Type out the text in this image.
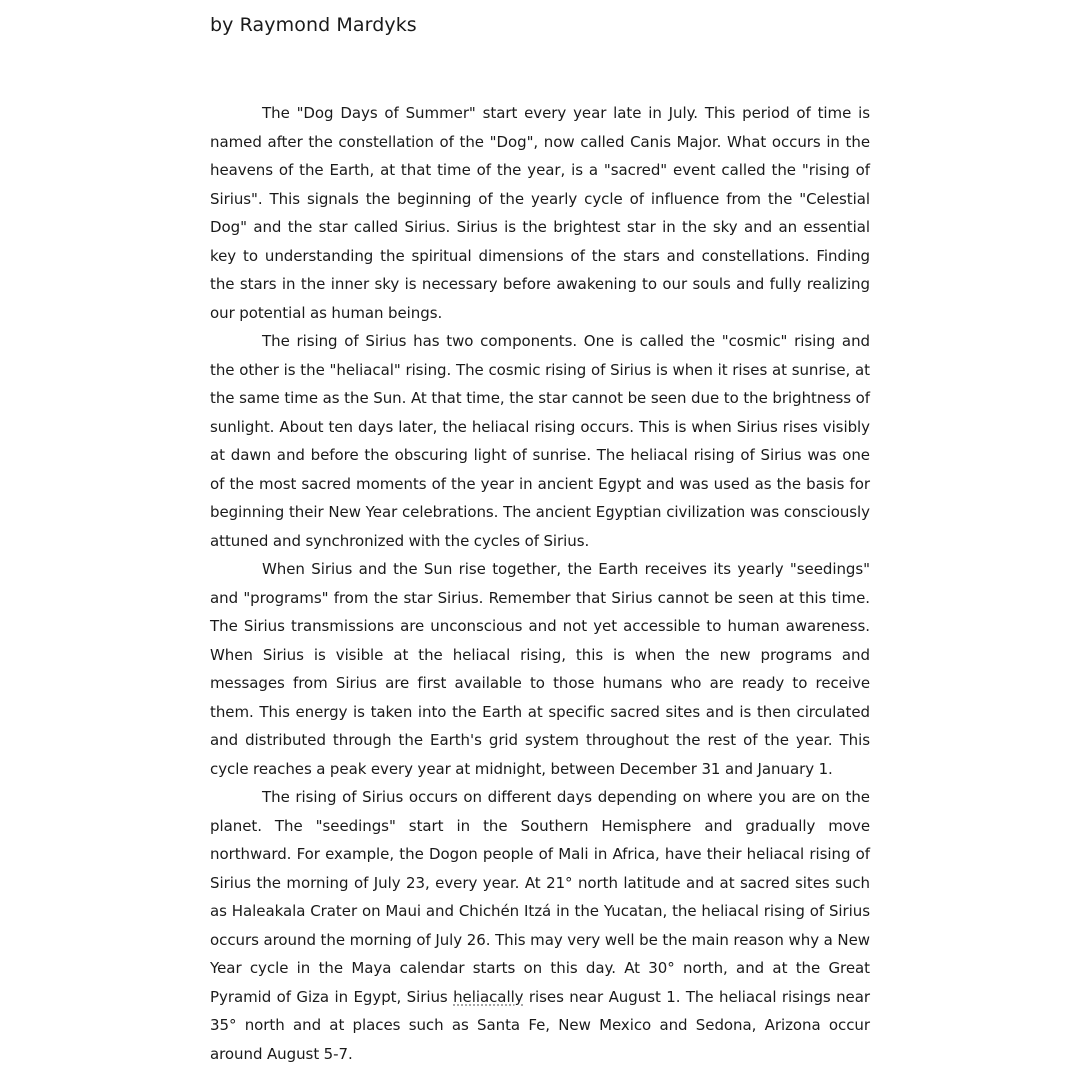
by Raymond Mardyks

The "Dog Days of Summer" start every year late in July. This period of time is named after the constellation of the "Dog", now called Canis Major. What occurs in the heavens of the Earth, at that time of the year, is a "sacred" event called the "rising of Sirius". This signals the beginning of the yearly cycle of influence from the "Celestial Dog" and the star called Sirius. Sirius is the brightest star in the sky and an essential key to understanding the spiritual dimensions of the stars and constellations. Finding the stars in the inner sky is necessary before awakening to our souls and fully realizing our potential as human beings.

The rising of Sirius has two components. One is called the "cosmic" rising and the other is the "heliacal" rising. The cosmic rising of Sirius is when it rises at sunrise, at the same time as the Sun. At that time, the star cannot be seen due to the brightness of sunlight. About ten days later, the heliacal rising occurs. This is when Sirius rises visibly at dawn and before the obscuring light of sunrise. The heliacal rising of Sirius was one of the most sacred moments of the year in ancient Egypt and was used as the basis for beginning their New Year celebrations. The ancient Egyptian civilization was consciously attuned and synchronized with the cycles of Sirius.

When Sirius and the Sun rise together, the Earth receives its yearly "seedings" and "programs" from the star Sirius. Remember that Sirius cannot be seen at this time. The Sirius transmissions are unconscious and not yet accessible to human awareness. When Sirius is visible at the heliacal rising, this is when the new programs and messages from Sirius are first available to those humans who are ready to receive them. This energy is taken into the Earth at specific sacred sites and is then circulated and distributed through the Earth's grid system throughout the rest of the year. This cycle reaches a peak every year at midnight, between December 31 and January 1.

The rising of Sirius occurs on different days depending on where you are on the planet. The "seedings" start in the Southern Hemisphere and gradually move northward. For example, the Dogon people of Mali in Africa, have their heliacal rising of Sirius the morning of July 23, every year. At 21° north latitude and at sacred sites such as Haleakala Crater on Maui and Chichén Itzá in the Yucatan, the heliacal rising of Sirius occurs around the morning of July 26. This may very well be the main reason why a New Year cycle in the Maya calendar starts on this day. At 30° north, and at the Great Pyramid of Giza in Egypt, Sirius heliacally rises near August 1. The heliacal risings near 35° north and at places such as Santa Fe, New Mexico and Sedona, Arizona occur around August 5-7.
